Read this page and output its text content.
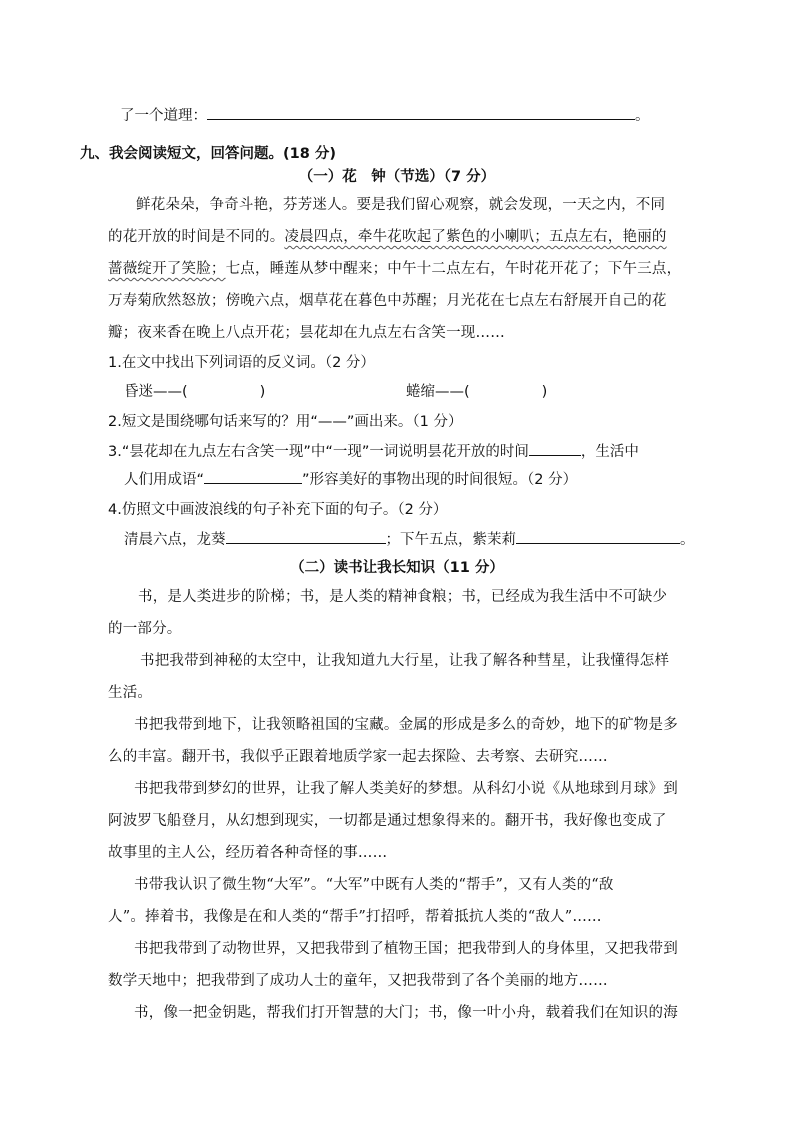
了一个道理：	。
九、我会阅读短文，回答问题。(18 分)
（一）花　钟（节选）（7 分）
鲜花朵朵，争奇斗艳，芬芳迷人。要是我们留心观察，就会发现，一天之内，不同
的花开放的时间是不同的。凌晨四点，牵牛花吹起了紫色的小喇叭；五点左右，艳丽的
蔷薇绽开了笑脸；七点，睡莲从梦中醒来；中午十二点左右，午时花开花了；下午三点，
万寿菊欣然怒放；傍晚六点，烟草花在暮色中苏醒；月光花在七点左右舒展开自己的花
瓣；夜来香在晚上八点开花；昙花却在九点左右含笑一现……
1.在文中找出下列词语的反义词。（2 分）
昏迷——(	)	蜷缩——(	)
2.短文是围绕哪句话来写的？用“——”画出来。（1 分）
3.“昙花却在九点左右含笑一现”中“一现”一词说明昙花开放的时间	，生活中
人们用成语“	”形容美好的事物出现的时间很短。（2 分）
4.仿照文中画波浪线的句子补充下面的句子。（2 分）
清晨六点，龙葵	；下午五点，紫茉莉	。
（二）读书让我长知识（11 分）
书，是人类进步的阶梯；书，是人类的精神食粮；书，已经成为我生活中不可缺少
的一部分。
书把我带到神秘的太空中，让我知道九大行星，让我了解各种彗星，让我懂得怎样
生活。
书把我带到地下，让我领略祖国的宝藏。金属的形成是多么的奇妙，地下的矿物是多
么的丰富。翻开书，我似乎正跟着地质学家一起去探险、去考察、去研究……
书把我带到梦幻的世界，让我了解人类美好的梦想。从科幻小说《从地球到月球》到
阿波罗飞船登月，从幻想到现实，一切都是通过想象得来的。翻开书，我好像也变成了
故事里的主人公，经历着各种奇怪的事……
书带我认识了微生物“大军”。“大军”中既有人类的“帮手”，又有人类的“敌
人”。捧着书，我像是在和人类的“帮手”打招呼，帮着抵抗人类的“敌人”……
书把我带到了动物世界，又把我带到了植物王国；把我带到人的身体里，又把我带到
数学天地中；把我带到了成功人士的童年，又把我带到了各个美丽的地方……
书，像一把金钥匙，帮我们打开智慧的大门；书，像一叶小舟，载着我们在知识的海
